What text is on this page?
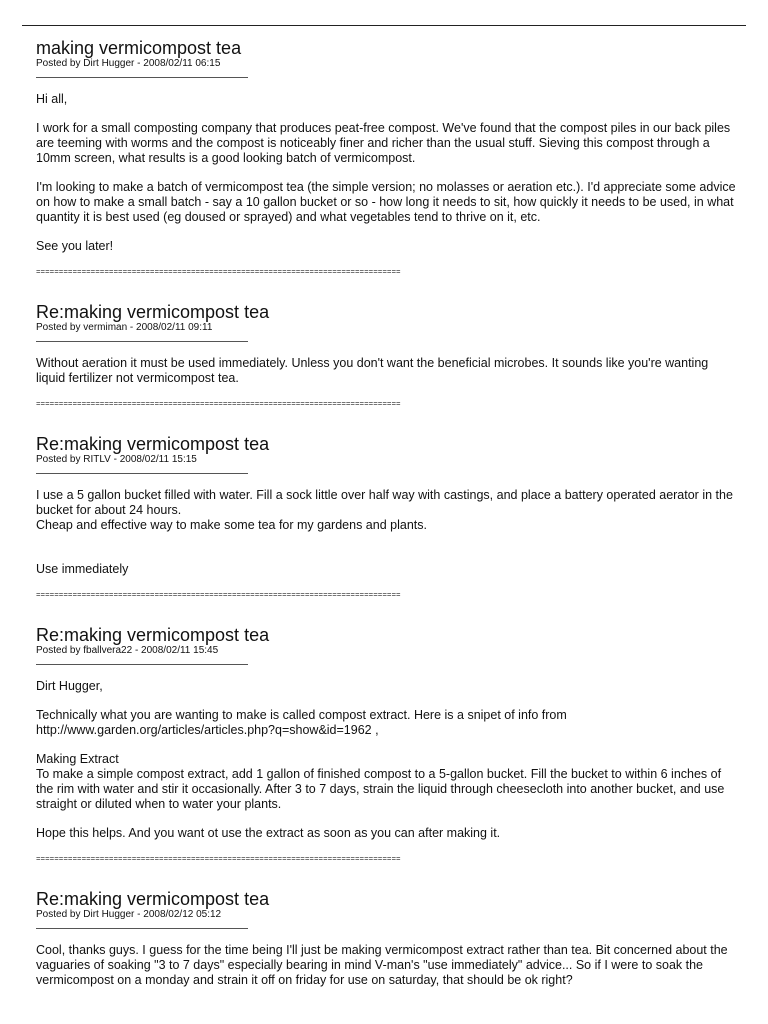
making vermicompost tea
Posted by Dirt Hugger - 2008/02/11 06:15

Hi all,

I work for a small composting company that produces peat-free compost. We've found that the compost piles in our back piles are teeming with worms and the compost is noticeably finer and richer than the usual stuff. Sieving this compost through a 10mm screen, what results is a good looking batch of vermicompost.

I'm looking to make a batch of vermicompost tea (the simple version; no molasses or aeration etc.). I'd appreciate some advice on how to make a small batch - say a 10 gallon bucket or so - how long it needs to sit, how quickly it needs to be used, in what quantity it is best used (eg doused or sprayed) and what vegetables tend to thrive on it, etc.

See you later!

================================================================================
Re:making vermicompost tea
Posted by vermiman - 2008/02/11 09:11

Without aeration it must be used immediately. Unless you don't want the beneficial microbes. It sounds like you're wanting liquid fertilizer not vermicompost tea.

================================================================================
Re:making vermicompost tea
Posted by RITLV - 2008/02/11 15:15

I use a 5 gallon bucket filled with water. Fill a sock little over half way with castings, and place a battery operated aerator in the bucket for about 24 hours.

Cheap and effective way to make some tea for my gardens and plants.

Use immediately

================================================================================
Re:making vermicompost tea
Posted by fballvera22 - 2008/02/11 15:45

Dirt Hugger,

Technically what you are wanting to make is called compost extract. Here is a snipet of info from http://www.garden.org/articles/articles.php?q=show&id=1962 ,

Making Extract

To make a simple compost extract, add 1 gallon of finished compost to a 5-gallon bucket. Fill the bucket to within 6 inches of the rim with water and stir it occasionally. After 3 to 7 days, strain the liquid through cheesecloth into another bucket, and use straight or diluted when to water your plants.

Hope this helps. And you want ot use the extract as soon as you can after making it.

================================================================================
Re:making vermicompost tea
Posted by Dirt Hugger - 2008/02/12 05:12

Cool, thanks guys. I guess for the time being I'll just be making vermicompost extract rather than tea. Bit concerned about the vaguaries of soaking "3 to 7 days" especially bearing in mind V-man's "use immediately" advice... So if I were to soak the vermicompost on a monday and strain it off on friday for use on saturday, that should be ok right?
